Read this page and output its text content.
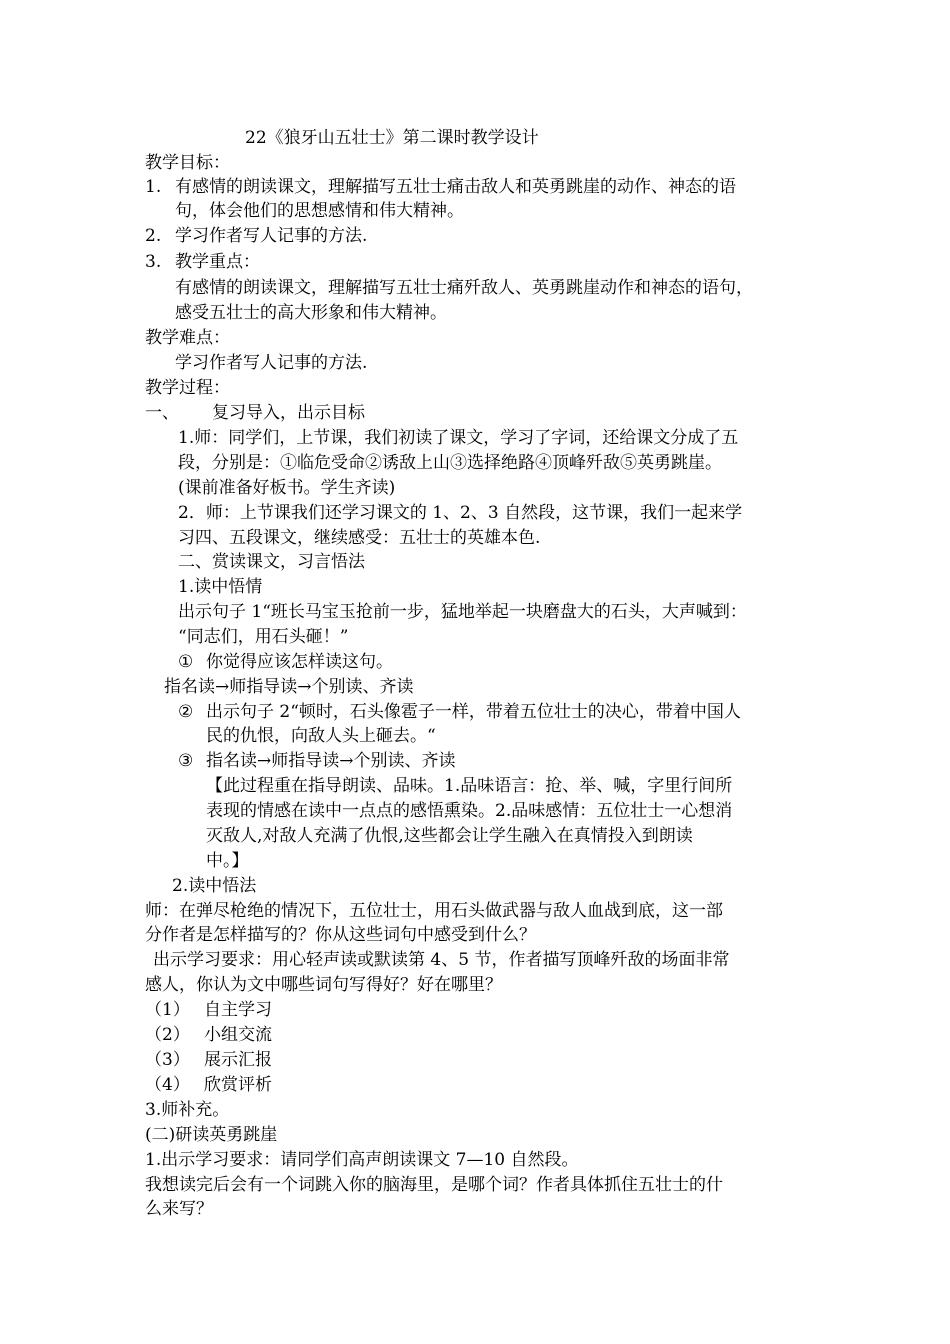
22《狼牙山五壮士》第二课时教学设计
教学目标：
1. 有感情的朗读课文，理解描写五壮士痛击敌人和英勇跳崖的动作、神态的语
句，体会他们的思想感情和伟大精神。
2. 学习作者写人记事的方法.
3. 教学重点：
有感情的朗读课文，理解描写五壮士痛歼敌人、英勇跳崖动作和神态的语句，
感受五壮士的高大形象和伟大精神。
教学难点：
学习作者写人记事的方法.
教学过程：
一、 复习导入，出示目标
1.师：同学们，上节课，我们初读了课文，学习了字词，还给课文分成了五
段，分别是：①临危受命②诱敌上山③选择绝路④顶峰歼敌⑤英勇跳崖。
(课前准备好板书。学生齐读)
2．师：上节课我们还学习课文的 1、2、3 自然段，这节课，我们一起来学
习四、五段课文，继续感受：五壮士的英雄本色.
二、赏读课文，习言悟法
1.读中悟情
出示句子 1“班长马宝玉抢前一步，猛地举起一块磨盘大的石头，大声喊到：
“同志们，用石头砸！”
① 你觉得应该怎样读这句。
指名读→师指导读→个别读、齐读
② 出示句子 2“顿时，石头像雹子一样，带着五位壮士的决心，带着中国人
民的仇恨，向敌人头上砸去。“
③ 指名读→师指导读→个别读、齐读
【此过程重在指导朗读、品味。1.品味语言：抢、举、喊，字里行间所
表现的情感在读中一点点的感悟熏染。2.品味感情：五位壮士一心想消
灭敌人,对敌人充满了仇恨,这些都会让学生融入在真情投入到朗读
中。】
2.读中悟法
师：在弹尽枪绝的情况下，五位壮士，用石头做武器与敌人血战到底，这一部
分作者是怎样描写的？你从这些词句中感受到什么？
出示学习要求：用心轻声读或默读第 4、5 节，作者描写顶峰歼敌的场面非常
感人，你认为文中哪些词句写得好？好在哪里？
（1） 自主学习
（2） 小组交流
（3） 展示汇报
（4） 欣赏评析
3.师补充。
(二)研读英勇跳崖
1.出示学习要求：请同学们高声朗读课文 7—10 自然段。
我想读完后会有一个词跳入你的脑海里，是哪个词？作者具体抓住五壮士的什
么来写？
